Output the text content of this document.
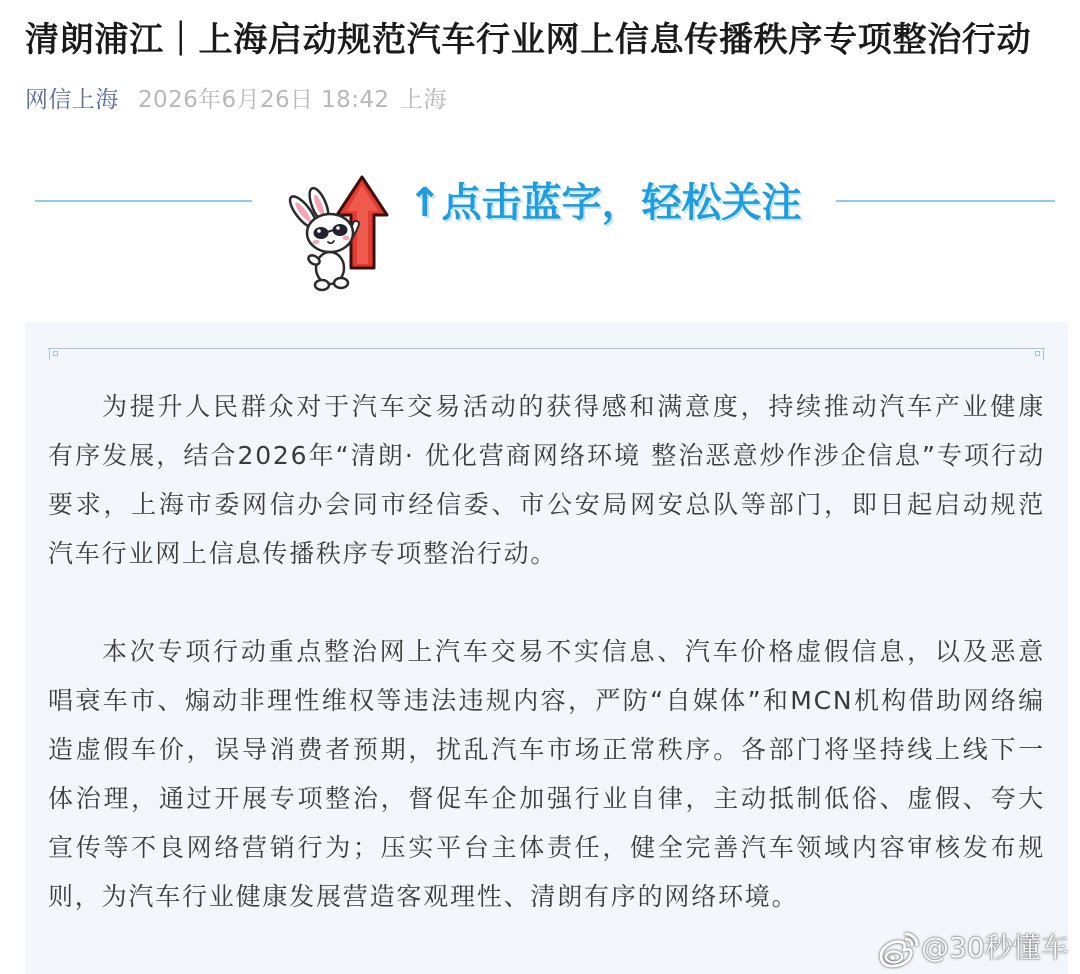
清朗浦江｜上海启动规范汽车行业网上信息传播秩序专项整治行动
网信上海 2026年6月26日 18:42 上海
↑点击蓝字，轻松关注
为提升人民群众对于汽车交易活动的获得感和满意度，持续推动汽车产业健康
有序发展，结合2026年“清朗· 优化营商网络环境 整治恶意炒作涉企信息”专项行动
要求，上海市委网信办会同市经信委、市公安局网安总队等部门，即日起启动规范
汽车行业网上信息传播秩序专项整治行动。
本次专项行动重点整治网上汽车交易不实信息、汽车价格虚假信息，以及恶意
唱衰车市、煽动非理性维权等违法违规内容，严防“自媒体”和MCN机构借助网络编
造虚假车价，误导消费者预期，扰乱汽车市场正常秩序。各部门将坚持线上线下一
体治理，通过开展专项整治，督促车企加强行业自律，主动抵制低俗、虚假、夸大
宣传等不良网络营销行为；压实平台主体责任，健全完善汽车领域内容审核发布规
则，为汽车行业健康发展营造客观理性、清朗有序的网络环境。
@30秒懂车
